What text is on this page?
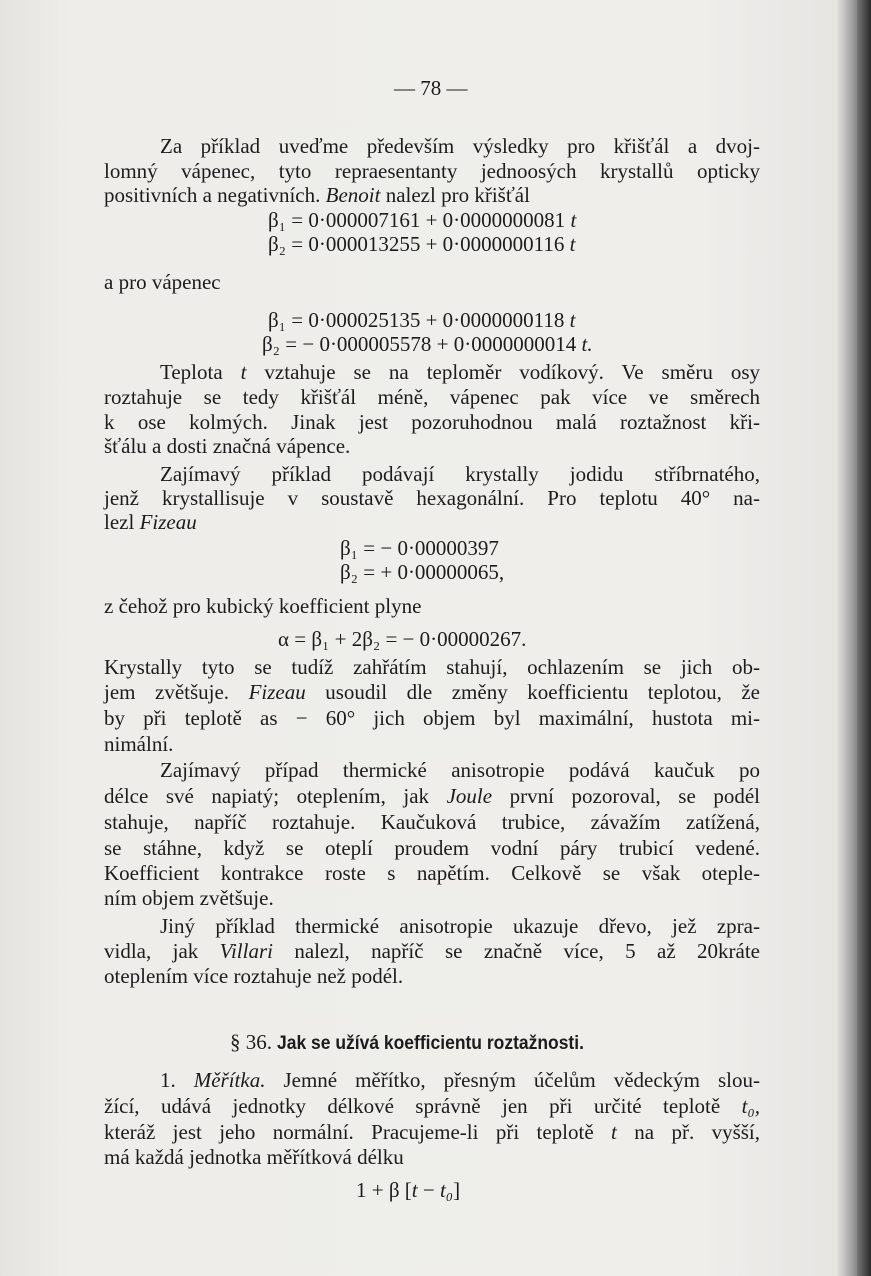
— 78 —
Za příklad uveďme především výsledky pro křišťál a dvoj-
lomný vápenec, tyto repraesentanty jednoosých krystallů opticky
positivních a negativních. Benoit nalezl pro křišťál
β₁ = 0·000007161 + 0·0000000081 t
β₂ = 0·000013255 + 0·0000000116 t
a pro vápenec
β₁ = 0·000025135 + 0·0000000118 t
β₂ = − 0·000005578 + 0·0000000014 t.
Teplota t vztahuje se na teploměr vodíkový. Ve směru osy
roztahuje se tedy křišťál méně, vápenec pak více ve směrech
k ose kolmých. Jinak jest pozoruhodnou malá roztažnost kři-
šťálu a dosti značná vápence.
Zajímavý příklad podávají krystally jodidu stříbrnatého,
jenž krystallisuje v soustavě hexagonální. Pro teplotu 40° na-
lezl Fizeau
β₁ = − 0·00000397
β₂ = + 0·00000065,
z čehož pro kubický koefficient plyne
α = β₁ + 2β₂ = − 0·00000267.
Krystally tyto se tudíž zahřátím stahují, ochlazením se jich ob-
jem zvětšuje. Fizeau usoudil dle změny koefficientu teplotou, že
by při teplotě as − 60° jich objem byl maximální, hustota mi-
nimální.
Zajímavý případ thermické anisotropie podává kaučuk po
délce své napiatý; oteplením, jak Joule první pozoroval, se podél
stahuje, napříč roztahuje. Kaučuková trubice, závažím zatížená,
se stáhne, když se oteplí proudem vodní páry trubicí vedené.
Koefficient kontrakce roste s napětím. Celkově se však oteple-
ním objem zvětšuje.
Jiný příklad thermické anisotropie ukazuje dřevo, jež zpra-
vidla, jak Villari nalezl, napříč se značně více, 5 až 20kráte
oteplením více roztahuje než podél.
§ 36. Jak se užívá koefficientu roztažnosti.
1. Měřítka. Jemné měřítko, přesným účelům vědeckým slou-
žící, udává jednotky délkové správně jen při určité teplotě t₀,
kteráž jest jeho normální. Pracujeme-li při teplotě t na př. vyšší,
má každá jednotka měřítková délku
1 + β [t − t₀]
